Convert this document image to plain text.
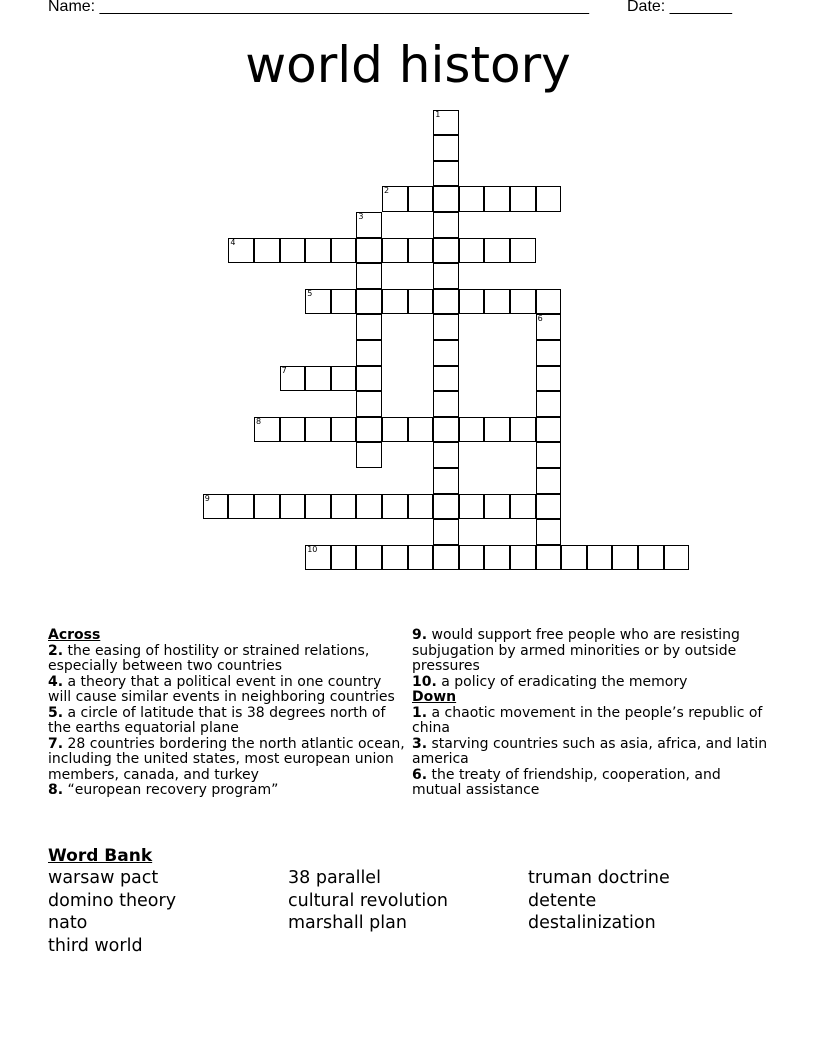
Name: _______________________________________________________ Date: _______
world history
1
2
3
4
5
6
7
8
9
10
Across
2. the easing of hostility or strained relations, especially between two countries
4. a theory that a political event in one country will cause similar events in neighboring countries
5. a circle of latitude that is 38 degrees north of the earths equatorial plane
7. 28 countries bordering the north atlantic ocean, including the united states, most european union members, canada, and turkey
8. “european recovery program”
9. would support free people who are resisting subjugation by armed minorities or by outside pressures
10. a policy of eradicating the memory
Down
1. a chaotic movement in the people’s republic of china
3. starving countries such as asia, africa, and latin america
6. the treaty of friendship, cooperation, and mutual assistance
Word Bank
warsaw pact	38 parallel	truman doctrine
domino theory	cultural revolution	detente
nato	marshall plan	destalinization
third world
